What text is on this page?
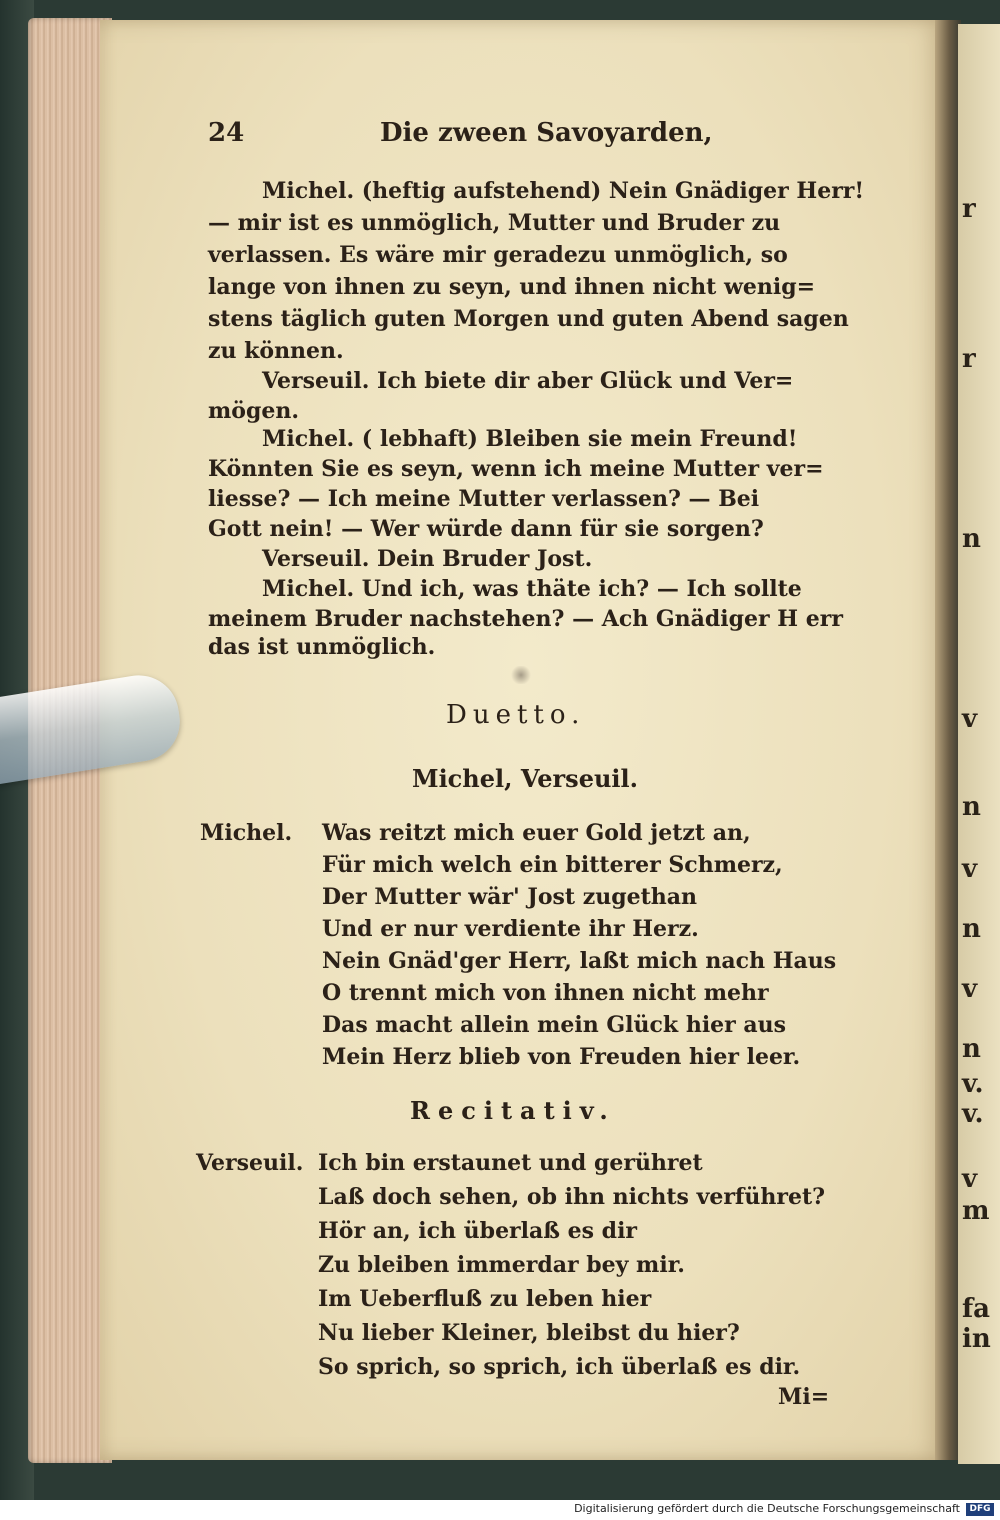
r
r
n
v
n
v
n
v
n
v.
v.
v
m
fa
in
24	Die zween Savoyarden,
Michel. (heftig aufstehend) Nein Gnädiger Herr!
— mir ist es unmöglich, Mutter und Bruder zu
verlassen. Es wäre mir geradezu unmöglich, so
lange von ihnen zu seyn, und ihnen nicht wenig=
stens täglich guten Morgen und guten Abend sagen
zu können.
Verseuil. Ich biete dir aber Glück und Ver=
mögen.
Michel. ( lebhaft) Bleiben sie mein Freund!
Könnten Sie es seyn, wenn ich meine Mutter ver=
liesse? — Ich meine Mutter verlassen? — Bei
Gott nein! — Wer würde dann für sie sorgen?
Verseuil. Dein Bruder Jost.
Michel. Und ich, was thäte ich? — Ich sollte
meinem Bruder nachstehen? — Ach Gnädiger H err
das ist unmöglich.
Duetto.
Michel, Verseuil.
Michel. Was reitzt mich euer Gold jetzt an,
Für mich welch ein bitterer Schmerz,
Der Mutter wär' Jost zugethan
Und er nur verdiente ihr Herz.
Nein Gnäd'ger Herr, laßt mich nach Haus
O trennt mich von ihnen nicht mehr
Das macht allein mein Glück hier aus
Mein Herz blieb von Freuden hier leer.
Recitativ.
Verseuil. Ich bin erstaunet und gerühret
Laß doch sehen, ob ihn nichts verführet?
Hör an, ich überlaß es dir
Zu bleiben immerdar bey mir.
Im Ueberfluß zu leben hier
Nu lieber Kleiner, bleibst du hier?
So sprich, so sprich, ich überlaß es dir.
Mi=
Digitalisierung gefördert durch die Deutsche Forschungsgemeinschaft	DFG
